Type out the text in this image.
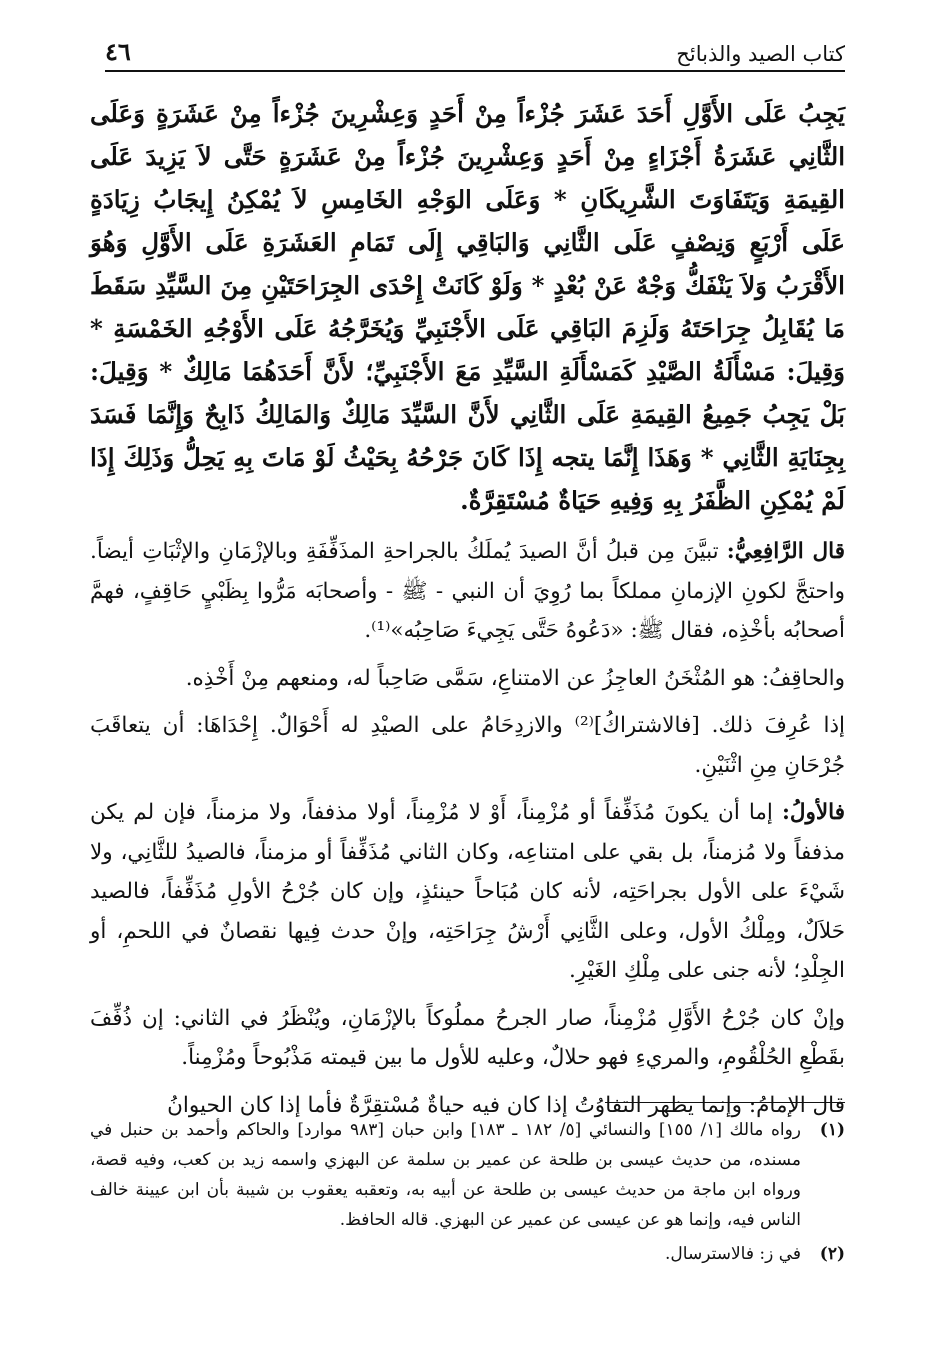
كتاب الصيد والذبائح
٤٦

يَجِبُ عَلَى الأَوَّلِ أَحَدَ عَشَرَ جُزْءاً مِنْ أَحَدٍ وَعِشْرِينَ جُزْءاً مِنْ عَشَرَةٍ وَعَلَى الثَّانِي عَشَرَةُ أَجْزَاءٍ مِنْ أَحَدٍ وَعِشْرِينَ جُزْءاً مِنْ عَشَرَةٍ حَتَّى لاَ يَزِيدَ عَلَى القِيمَةِ وَيَتَفَاوَتَ الشَّرِيكَانِ * وَعَلَى الوَجْهِ الخَامِسِ لاَ يُمْكِنُ إِيجَابُ زِيَادَةٍ عَلَى أَرْبَعٍ وَنِصْفٍ عَلَى الثَّانِي وَالبَاقِي إِلَى تَمَامِ العَشَرَةِ عَلَى الأَوَّلِ وَهُوَ الأَقْرَبُ وَلاَ يَنْفَكُّ وَجْهٌ عَنْ بُعْدٍ * وَلَوْ كَانَتْ إِحْدَى الجِرَاحَتَيْنِ مِنَ السَّيِّدِ سَقَطَ مَا يُقَابِلُ جِرَاحَتَهُ وَلَزِمَ البَاقِي عَلَى الأَجْنَبِيِّ وَيُخَرَّجُهُ عَلَى الأَوْجُهِ الخَمْسَةِ * وَقِيلَ: مَسْأَلَةُ الصَّيْدِ كَمَسْأَلَةِ السَّيِّدِ مَعَ الأَجْنَبِيِّ؛ لأَنَّ أَحَدَهُمَا مَالِكٌ * وَقِيلَ: بَلْ يَجِبُ جَمِيعُ القِيمَةِ عَلَى الثَّانِي لأَنَّ السَّيِّدَ مَالِكٌ وَالمَالِكُ ذَابِحٌ وَإِنَّمَا فَسَدَ بِجِنَايَةِ الثَّانِي * وَهَذَا إِنَّمَا يتجه إِذَا كَانَ جَرْحُهُ بِحَيْثُ لَوْ مَاتَ بِهِ يَحِلُّ وَذَلِكَ إِذَا لَمْ يُمْكِنِ الظَّفَرُ بِهِ وَفِيهِ حَيَاةٌ مُسْتَقِرَّةٌ.

قال الرَّافِعِيُّ: تبيَّنَ مِن قبلُ أنَّ الصيدَ يُملَكُ بالجراحةِ المذَفِّفَةِ وبالإزْمَانِ والإثْبَاتِ أيضاً. واحتجَّ لكونِ الإزمانِ مملكاً بما رُوِيَ أن النبي - ﷺ - وأصحابَه مَرُّوا بِظَبْيٍ حَاقِفٍ، فهمَّ أصحابُه بأخْذِه، فقال ﷺ: «دَعُوهُ حَتَّى يَجِيءَ صَاحِبُه»⁽¹⁾.

والحاقِفُ: هو المُثْخَنُ العاجِزُ عن الامتناعِ، سَمَّى صَاحِباً له، ومنعهم مِنْ أَخْذِه.

إذا عُرِفَ ذلك. [فالاشتراكُ]⁽²⁾ والازدِحَامُ على الصيْدِ له أَحْوَالٌ. إِحْدَاهَا: أن يتعاقَبَ جُرْحَانِ مِنِ اثْنَيْنِ.

فالأولُ: إما أن يكونَ مُذَفِّفاً أو مُزْمِناً، أَوْ لا مُزْمِناً، أولا مذففاً، ولا مزمناً، فإن لم يكن مذففاً ولا مُزمناً، بل بقي على امتناعِه، وكان الثاني مُذَفِّفاً أو مزمناً، فالصيدُ للثَّانِي، ولا شَيْءَ على الأول بجراحَتِه، لأنه كان مُبَاحاً حينئذٍ، وإن كان جُرْحُ الأولِ مُذَفِّفاً، فالصيد حَلاَلٌ، ومِلْكُ الأول، وعلى الثَّانِي أَرْشُ جِرَاحَتِه، وإنْ حدث فِيها نقصانٌ في اللحمِ، أو الجِلْدِ؛ لأنه جنى على مِلْكِ الغَيْرِ.

وإنْ كان جُرْحُ الأَوَّلِ مُزْمِناً، صار الجرحُ مملُوكاً بالإزْمَانِ، ويُنْظَرُ في الثاني: إن ذُفِّفَ بقَطْعِ الحُلْقُومِ، والمريءِ فهو حلالٌ، وعليه للأول ما بين قيمته مَذْبُوحاً ومُزْمِناً.

قال الإمامُ: وإنما يظهر التفاوُتُ إذا كان فيه حياةٌ مُسْتقِرَّةٌ فأما إذا كان الحيوانُ

(١)
رواه مالك [١/ ١٥٥] والنسائي [٥/ ١٨٢ ـ ١٨٣] وابن حبان [٩٨٣ موارد] والحاكم وأحمد بن حنبل في مسنده، من حديث عيسى بن طلحة عن عمير بن سلمة عن البهزي واسمه زيد بن كعب، وفيه قصة، ورواه ابن ماجة من حديث عيسى بن طلحة عن أبيه به، وتعقبه يعقوب بن شيبة بأن ابن عيينة خالف الناس فيه، وإنما هو عن عيسى عن عمير عن البهزي. قاله الحافظ.
(٢)
في ز: فالاسترسال.
